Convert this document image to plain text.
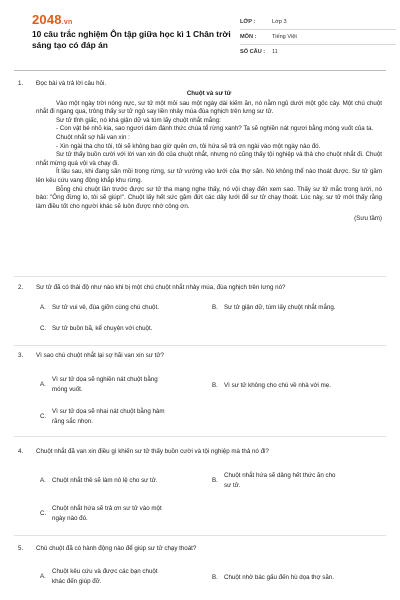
2048.vn
10 câu trắc nghiệm Ôn tập giữa học kì 1 Chân trời sáng tạo có đáp án
LỚP :	Lớp 3
MÔN :	Tiếng Việt
SỐ CÂU :	11
1. Đọc bài và trả lời câu hỏi.
Chuột và sư tử

Vào một ngày trời nóng nực, sư tử một mỏi sau một ngày dài kiếm ăn, nó nằm ngủ dưới một gốc cây. Một chú chuột nhắt đi ngang qua, trông thấy sư tử ngủ say liền nhảy múa đùa nghịch trên lưng sư tử.

Sư tử tỉnh giấc, nó khá giận dữ và túm lấy chuột nhắt mắng:

- Con vật bé nhỏ kia, sao ngươi dám đánh thức chúa tể rừng xanh? Ta sẽ nghiền nát ngươi bằng móng vuốt của ta.

Chuột nhắt sợ hãi van xin :

- Xin ngài tha cho tôi, tôi sẽ không bao giờ quên ơn, tôi hứa sẽ trả ơn ngài vào một ngày nào đó.

Sư tử thấy buồn cười với lời van xin đó của chuột nhắt, nhưng nó cũng thấy tội nghiệp và thả cho chuột nhắt đi. Chuột nhắt mừng quá vội và chạy đi.

Ít lâu sau, khi đang săn mồi trong rừng, sư tử vướng vào lưới của thợ săn. Nó không thể nào thoát được. Sư tử gầm lên kêu cứu vang động khắp khu rừng.

Bỗng chú chuột lần trước được sư tử tha mạng nghe thấy, nó vội chạy đến xem sao. Thấy sư tử mắc trong lưới, nó bảo: "Ông đừng lo, tôi sẽ giúp!". Chuột lấy hết sức gặm đứt các dây lưới để sư tử chạy thoát. Lúc này, sư tử mới thấy rằng làm điều tốt cho người khác sẽ luôn được nhớ công ơn.

(Sưu tầm)

2. Sư tử đã có thái độ như nào khi bị một chú chuột nhắt nhảy múa, đùa nghịch trên lưng nó?
A. Sư tử vui vẻ, đùa giỡn cùng chú chuột.	B. Sư tử giận dữ, túm lấy chuột nhắt mắng.
C. Sư tử buồn bã, kể chuyện với chuột.
3. Vì sao chú chuột nhắt lại sợ hãi van xin sư tử?
A.
Vì sư tử dọa sẽ nghiền nát chuột bằng
móng vuốt.
B. Vì sư tử không cho chú về nhà với mẹ.
C.
Vì sư tử dọa sẽ nhai nát chuột bằng hàm
răng sắc nhọn.
4. Chuột nhắt đã van xin điều gì khiến sư tử thấy buồn cười và tội nghiệp mà thả nó đi?
A. Chuột nhắt thề sẽ làm nô lệ cho sư tử.	B.
Chuột nhắt hứa sẽ dâng hết thức ăn cho
sư tử.
C.
Chuột nhắt hứa sẽ trả ơn sư tử vào một
ngày nào đó.
5. Chú chuột đã có hành động nào để giúp sư tử chạy thoát?
A.
Chuột kêu cứu và được các bạn chuột
khác đến giúp đỡ.
B. Chuột nhờ bác gấu đến hù dọa thợ săn.
